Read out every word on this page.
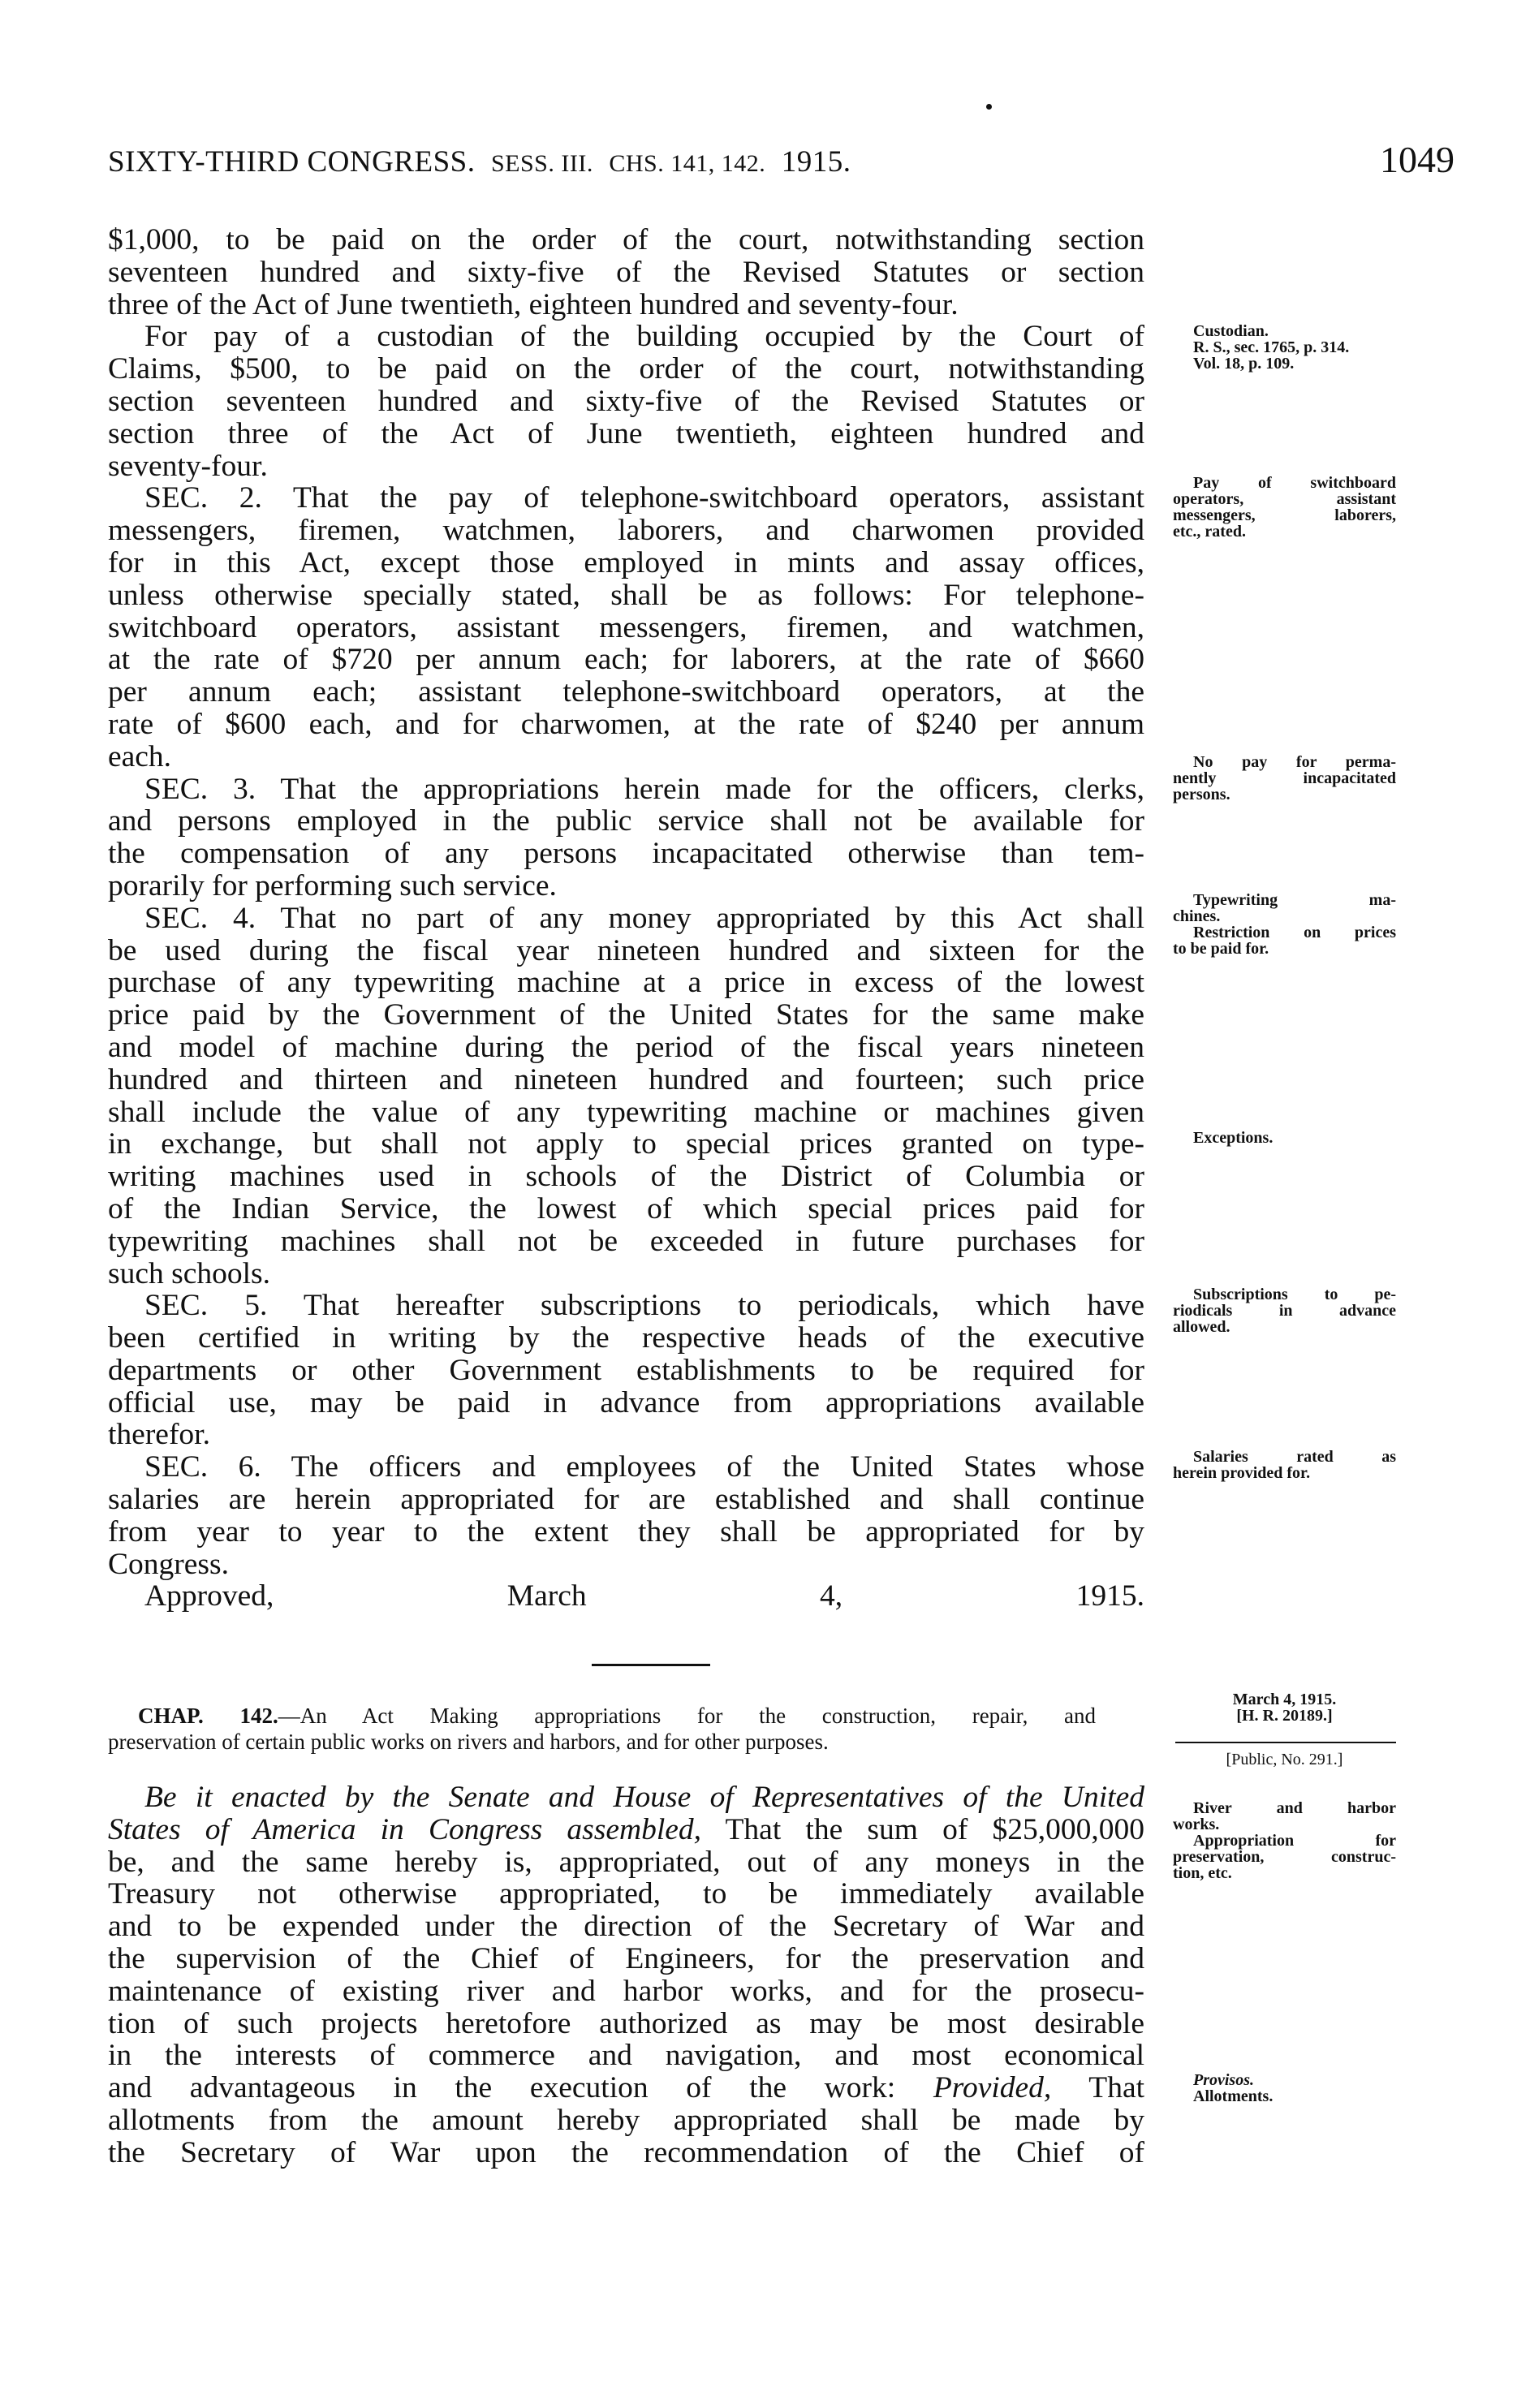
SIXTY-THIRD CONGRESS. SESS. III. CHS. 141, 142. 1915.	1049
$1,000, to be paid on the order of the court, notwithstanding section
seventeen hundred and sixty-five of the Revised Statutes or section
three of the Act of June twentieth, eighteen hundred and seventy-four.
For pay of a custodian of the building occupied by the Court of
Claims, $500, to be paid on the order of the court, notwithstanding
section seventeen hundred and sixty-five of the Revised Statutes or
section three of the Act of June twentieth, eighteen hundred and
seventy-four.
SEC. 2. That the pay of telephone-switchboard operators, assistant
messengers, firemen, watchmen, laborers, and charwomen provided
for in this Act, except those employed in mints and assay offices,
unless otherwise specially stated, shall be as follows: For telephone-
switchboard operators, assistant messengers, firemen, and watchmen,
at the rate of $720 per annum each; for laborers, at the rate of $660
per annum each; assistant telephone-switchboard operators, at the
rate of $600 each, and for charwomen, at the rate of $240 per annum
each.
SEC. 3. That the appropriations herein made for the officers, clerks,
and persons employed in the public service shall not be available for
the compensation of any persons incapacitated otherwise than tem-
porarily for performing such service.
SEC. 4. That no part of any money appropriated by this Act shall
be used during the fiscal year nineteen hundred and sixteen for the
purchase of any typewriting machine at a price in excess of the lowest
price paid by the Government of the United States for the same make
and model of machine during the period of the fiscal years nineteen
hundred and thirteen and nineteen hundred and fourteen; such price
shall include the value of any typewriting machine or machines given
in exchange, but shall not apply to special prices granted on type-
writing machines used in schools of the District of Columbia or
of the Indian Service, the lowest of which special prices paid for
typewriting machines shall not be exceeded in future purchases for
such schools.
SEC. 5. That hereafter subscriptions to periodicals, which have
been certified in writing by the respective heads of the executive
departments or other Government establishments to be required for
official use, may be paid in advance from appropriations available
therefor.
SEC. 6. The officers and employees of the United States whose
salaries are herein appropriated for are established and shall continue
from year to year to the extent they shall be appropriated for by
Congress.
Approved, March 4, 1915.
CHAP. 142.—An Act Making appropriations for the construction, repair, and
preservation of certain public works on rivers and harbors, and for other purposes.
Be it enacted by the Senate and House of Representatives of the United
States of America in Congress assembled, That the sum of $25,000,000
be, and the same hereby is, appropriated, out of any moneys in the
Treasury not otherwise appropriated, to be immediately available
and to be expended under the direction of the Secretary of War and
the supervision of the Chief of Engineers, for the preservation and
maintenance of existing river and harbor works, and for the prosecu-
tion of such projects heretofore authorized as may be most desirable
in the interests of commerce and navigation, and most economical
and advantageous in the execution of the work: Provided, That
allotments from the amount hereby appropriated shall be made by
the Secretary of War upon the recommendation of the Chief of
Custodian.
R. S., sec. 1765, p. 314.
Vol. 18, p. 109.
Pay of switchboard
operators, assistant
messengers, laborers,
etc., rated.
No pay for perma-
nently incapacitated
persons.
Typewriting ma-
chines.
Restriction on prices
to be paid for.
Exceptions.
Subscriptions to pe-
riodicals in advance
allowed.
Salaries rated as
herein provided for.
March 4, 1915.
[H. R. 20189.]
[Public, No. 291.]
River and harbor
works.
Appropriation for
preservation, construc-
tion, etc.
Provisos.
Allotments.
